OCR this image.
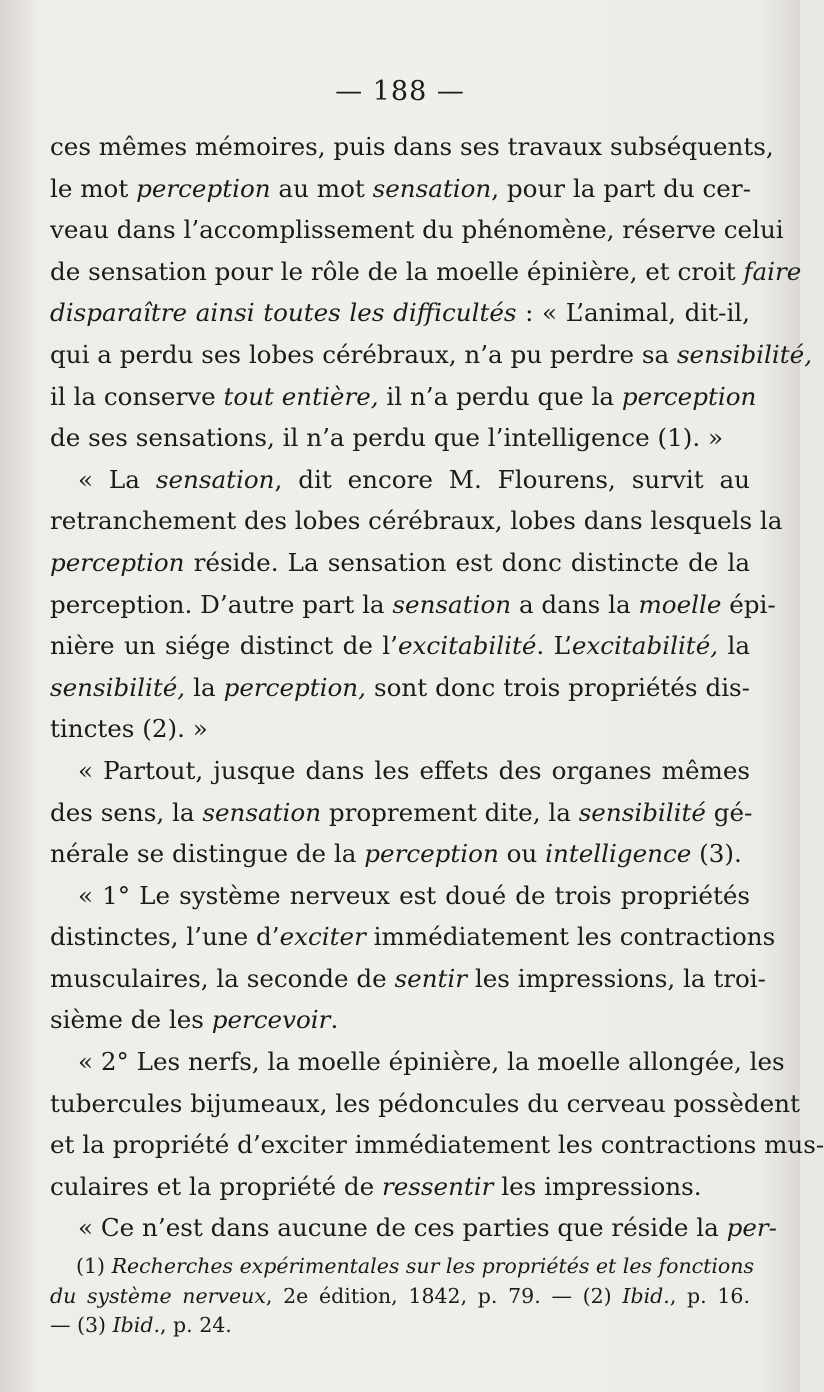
— 188 —
ces mêmes mémoires, puis dans ses travaux subséquents,
le mot perception au mot sensation, pour la part du cer-
veau dans l’accomplissement du phénomène, réserve celui
de sensation pour le rôle de la moelle épinière, et croit faire
disparaître ainsi toutes les difficultés : « L’animal, dit-il,
qui a perdu ses lobes cérébraux, n’a pu perdre sa sensibilité,
il la conserve tout entière, il n’a perdu que la perception
de ses sensations, il n’a perdu que l’intelligence (1). »
« La sensation, dit encore M. Flourens, survit au
retranchement des lobes cérébraux, lobes dans lesquels la
perception réside. La sensation est donc distincte de la
perception. D’autre part la sensation a dans la moelle épi-
nière un siége distinct de l’excitabilité. L’excitabilité, la
sensibilité, la perception, sont donc trois propriétés dis-
tinctes (2). »
« Partout, jusque dans les effets des organes mêmes
des sens, la sensation proprement dite, la sensibilité gé-
nérale se distingue de la perception ou intelligence (3).
« 1° Le système nerveux est doué de trois propriétés
distinctes, l’une d’exciter immédiatement les contractions
musculaires, la seconde de sentir les impressions, la troi-
sième de les percevoir.
« 2° Les nerfs, la moelle épinière, la moelle allongée, les
tubercules bijumeaux, les pédoncules du cerveau possèdent
et la propriété d’exciter immédiatement les contractions mus-
culaires et la propriété de ressentir les impressions.
« Ce n’est dans aucune de ces parties que réside la per-
(1) Recherches expérimentales sur les propriétés et les fonctions
du système nerveux, 2e édition, 1842, p. 79. — (2) Ibid., p. 16.
— (3) Ibid., p. 24.
